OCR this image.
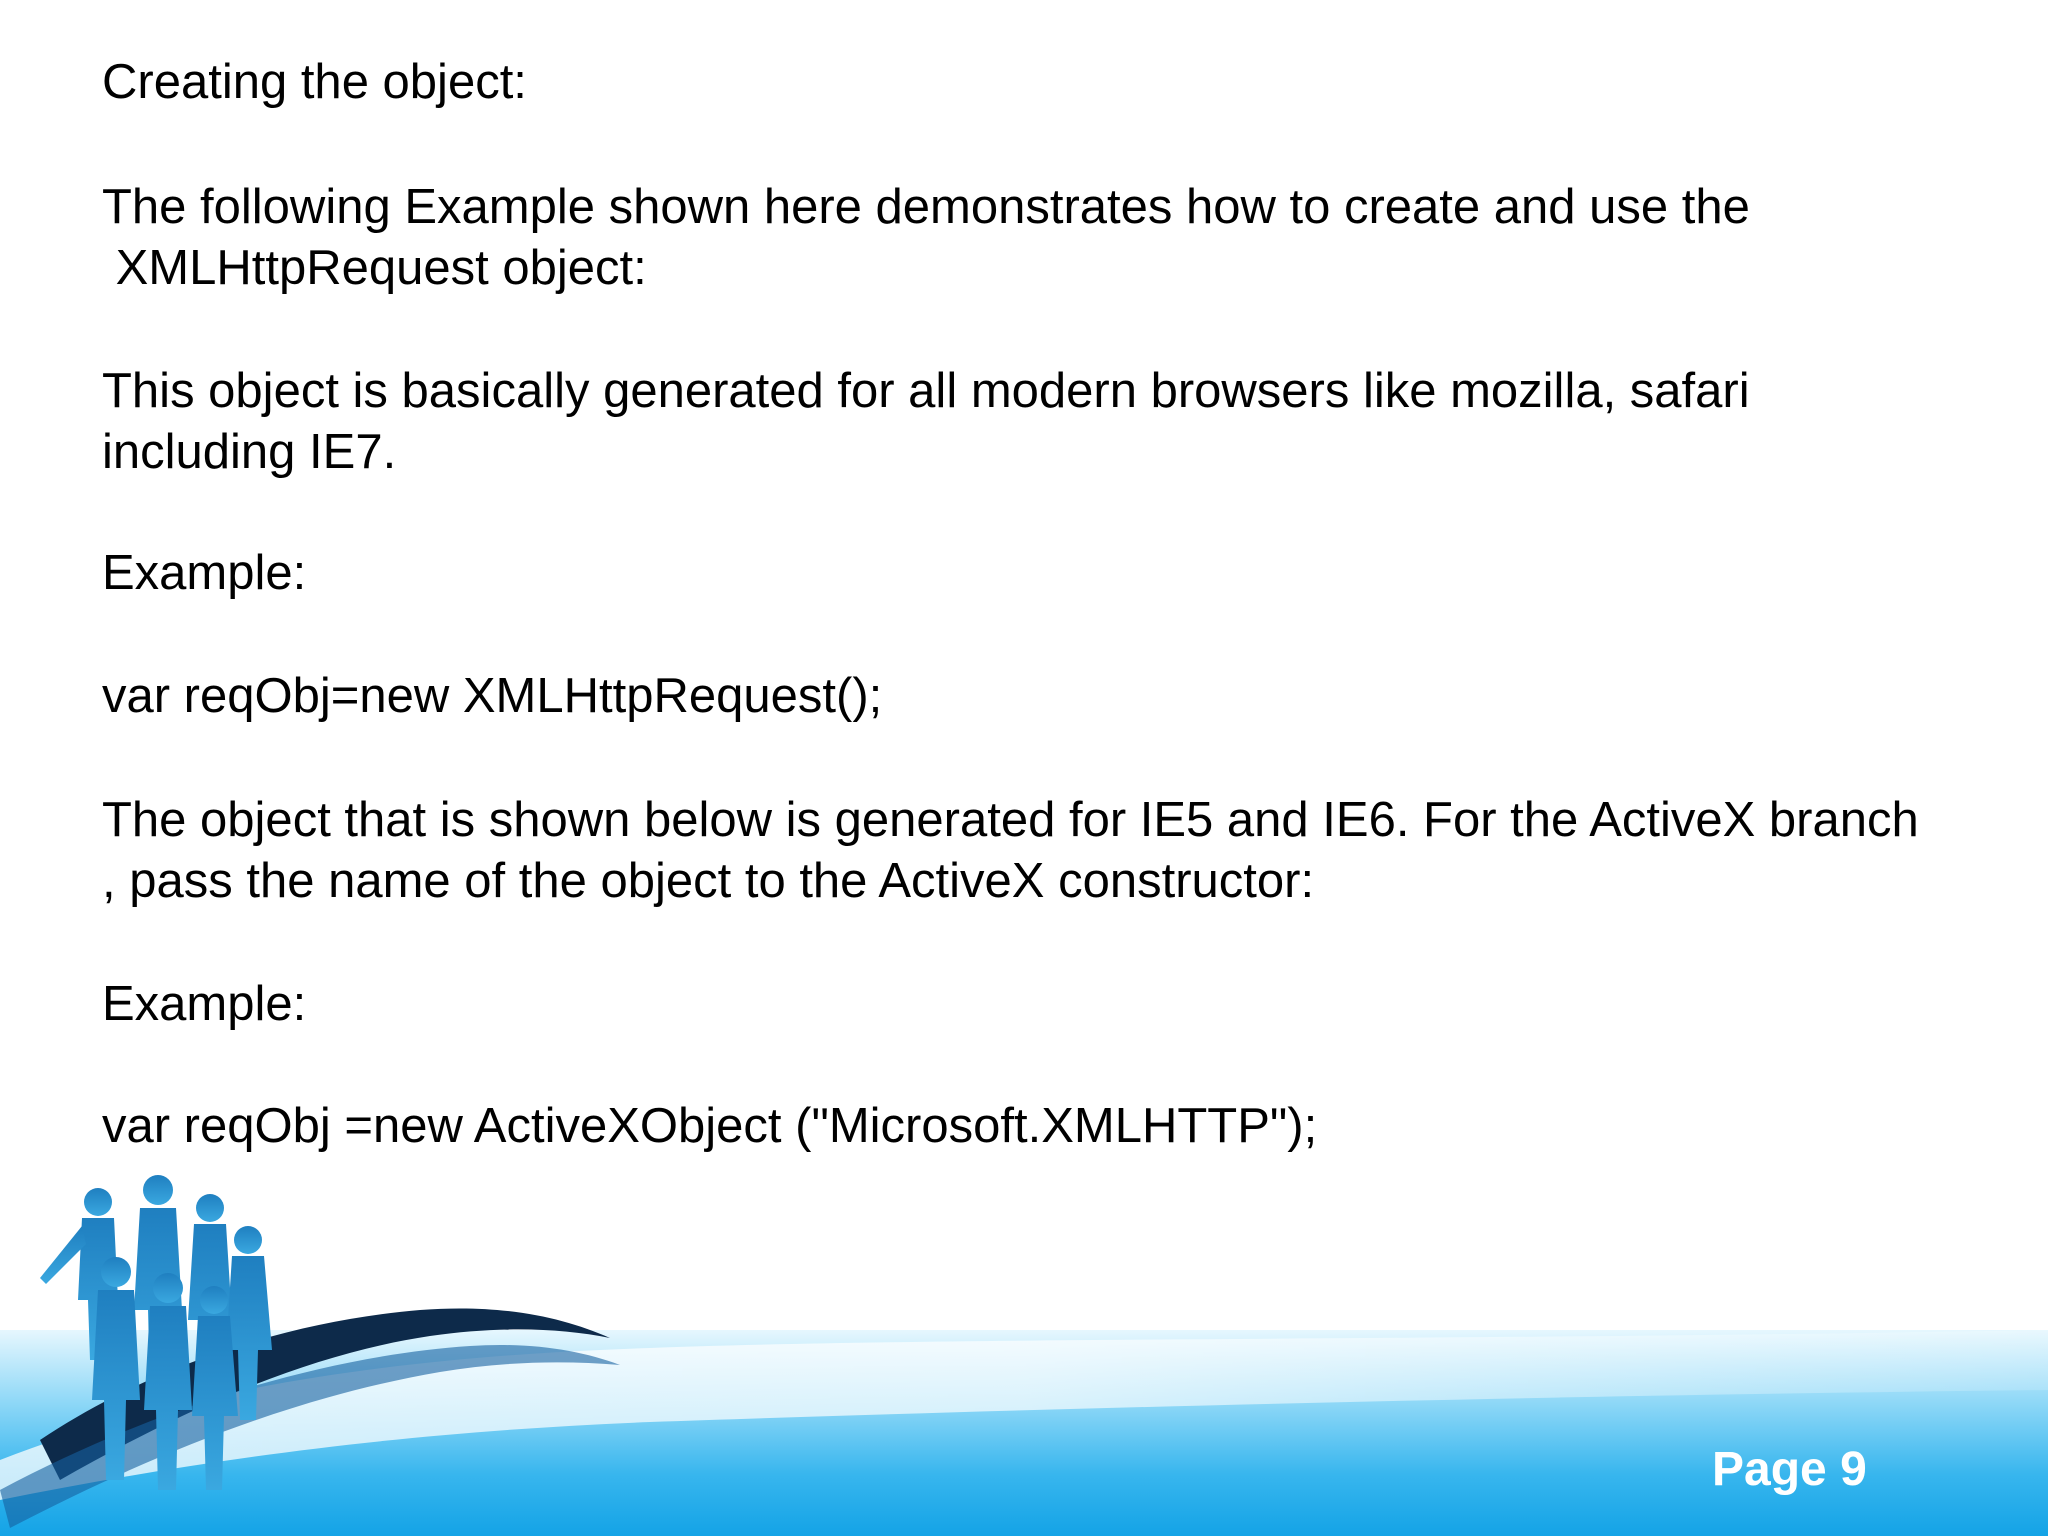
Creating the object:

The following Example shown here demonstrates how to create and use the

XMLHttpRequest object:

This object is basically generated for all modern browsers like mozilla, safari

including IE7.

Example:

var reqObj=new XMLHttpRequest();

The object that is shown below is generated for IE5 and IE6. For the ActiveX branch

, pass the name of the object to the ActiveX constructor:

Example:

var reqObj =new ActiveXObject ("Microsoft.XMLHTTP");

Page 9
